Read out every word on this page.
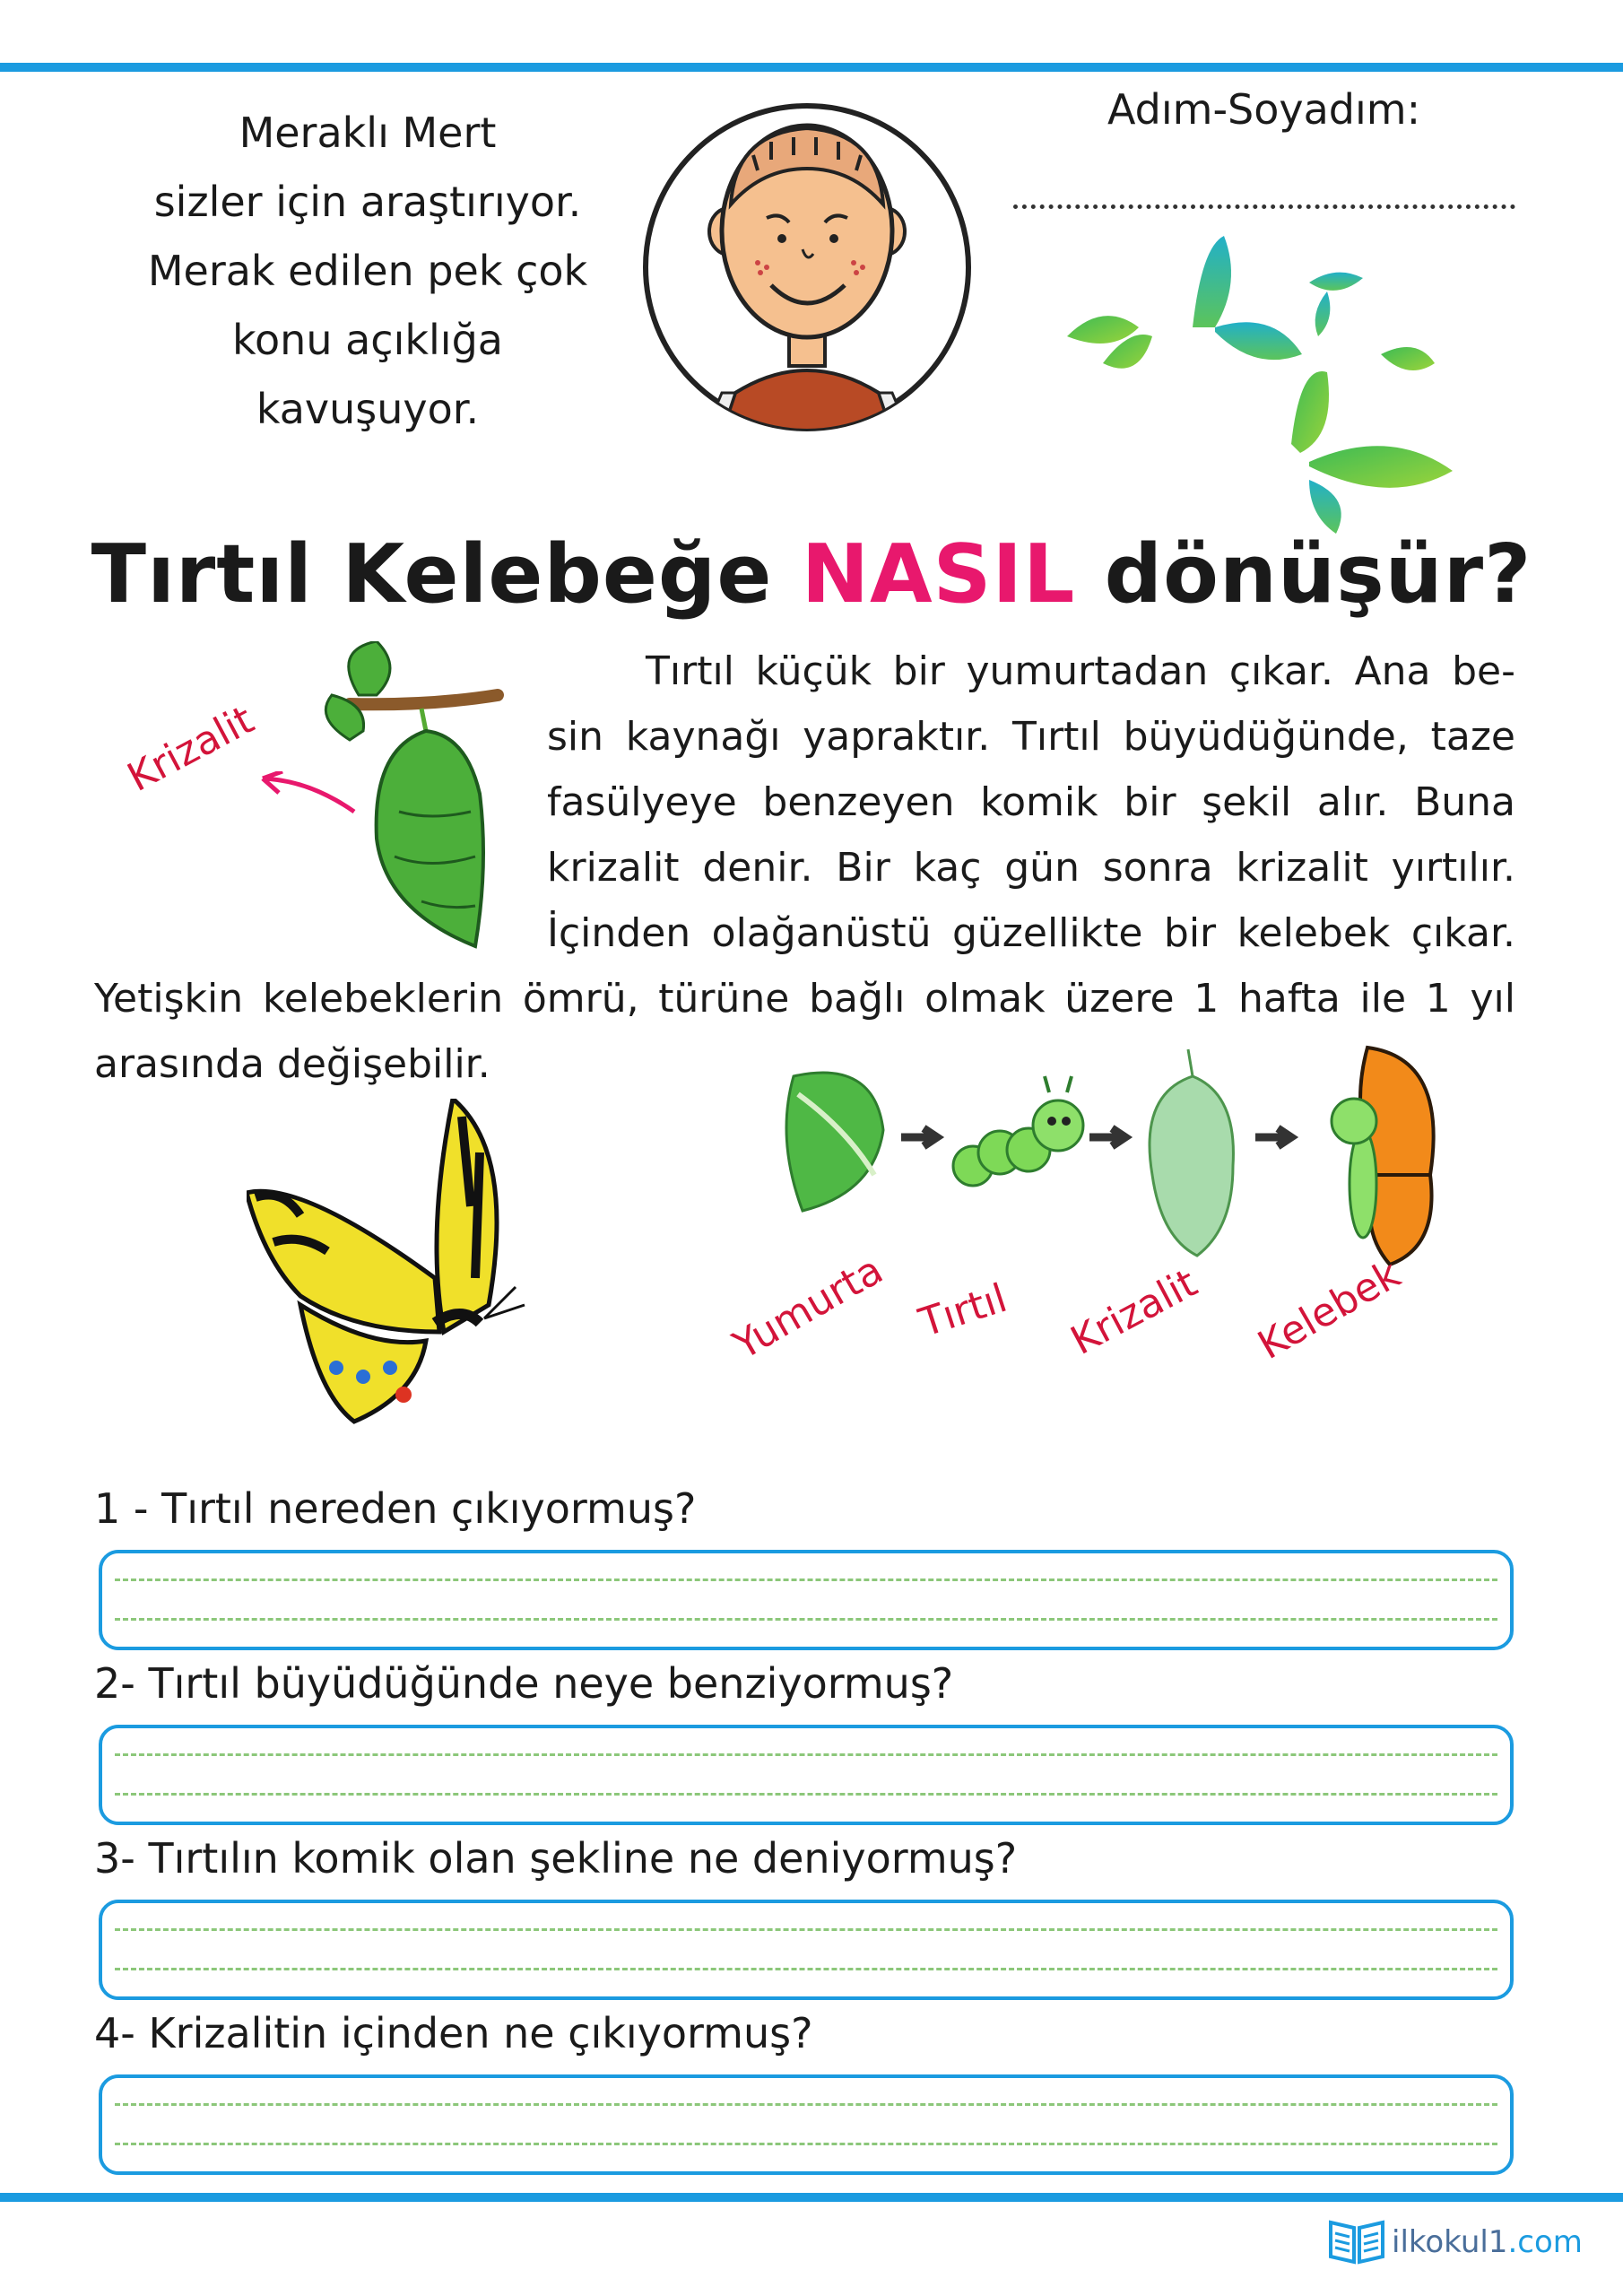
Meraklı Mert
sizler için araştırıyor.
Merak edilen pek çok
konu açıklığa
kavuşuyor.
Adım-Soyadım:
Tırtıl Kelebeğe NASIL dönüşür?
Krizalit
Tırtıl küçük bir yumurtadan çıkar. Ana be-
sin kaynağı yapraktır. Tırtıl büyüdüğünde, taze
fasülyeye benzeyen komik bir şekil alır. Buna
krizalit denir. Bir kaç gün sonra krizalit yırtılır.
İçinden olağanüstü güzellikte bir kelebek çıkar.
Yetişkin kelebeklerin ömrü, türüne bağlı olmak üzere 1 hafta ile 1 yıl
arasında değişebilir.
Yumurta Tırtıl Krizalit Kelebek
1 - Tırtıl nereden çıkıyormuş?
2- Tırtıl büyüdüğünde neye benziyormuş?
3- Tırtılın komik olan şekline ne deniyormuş?
4- Krizalitin içinden ne çıkıyormuş?
ilkokul1.com
